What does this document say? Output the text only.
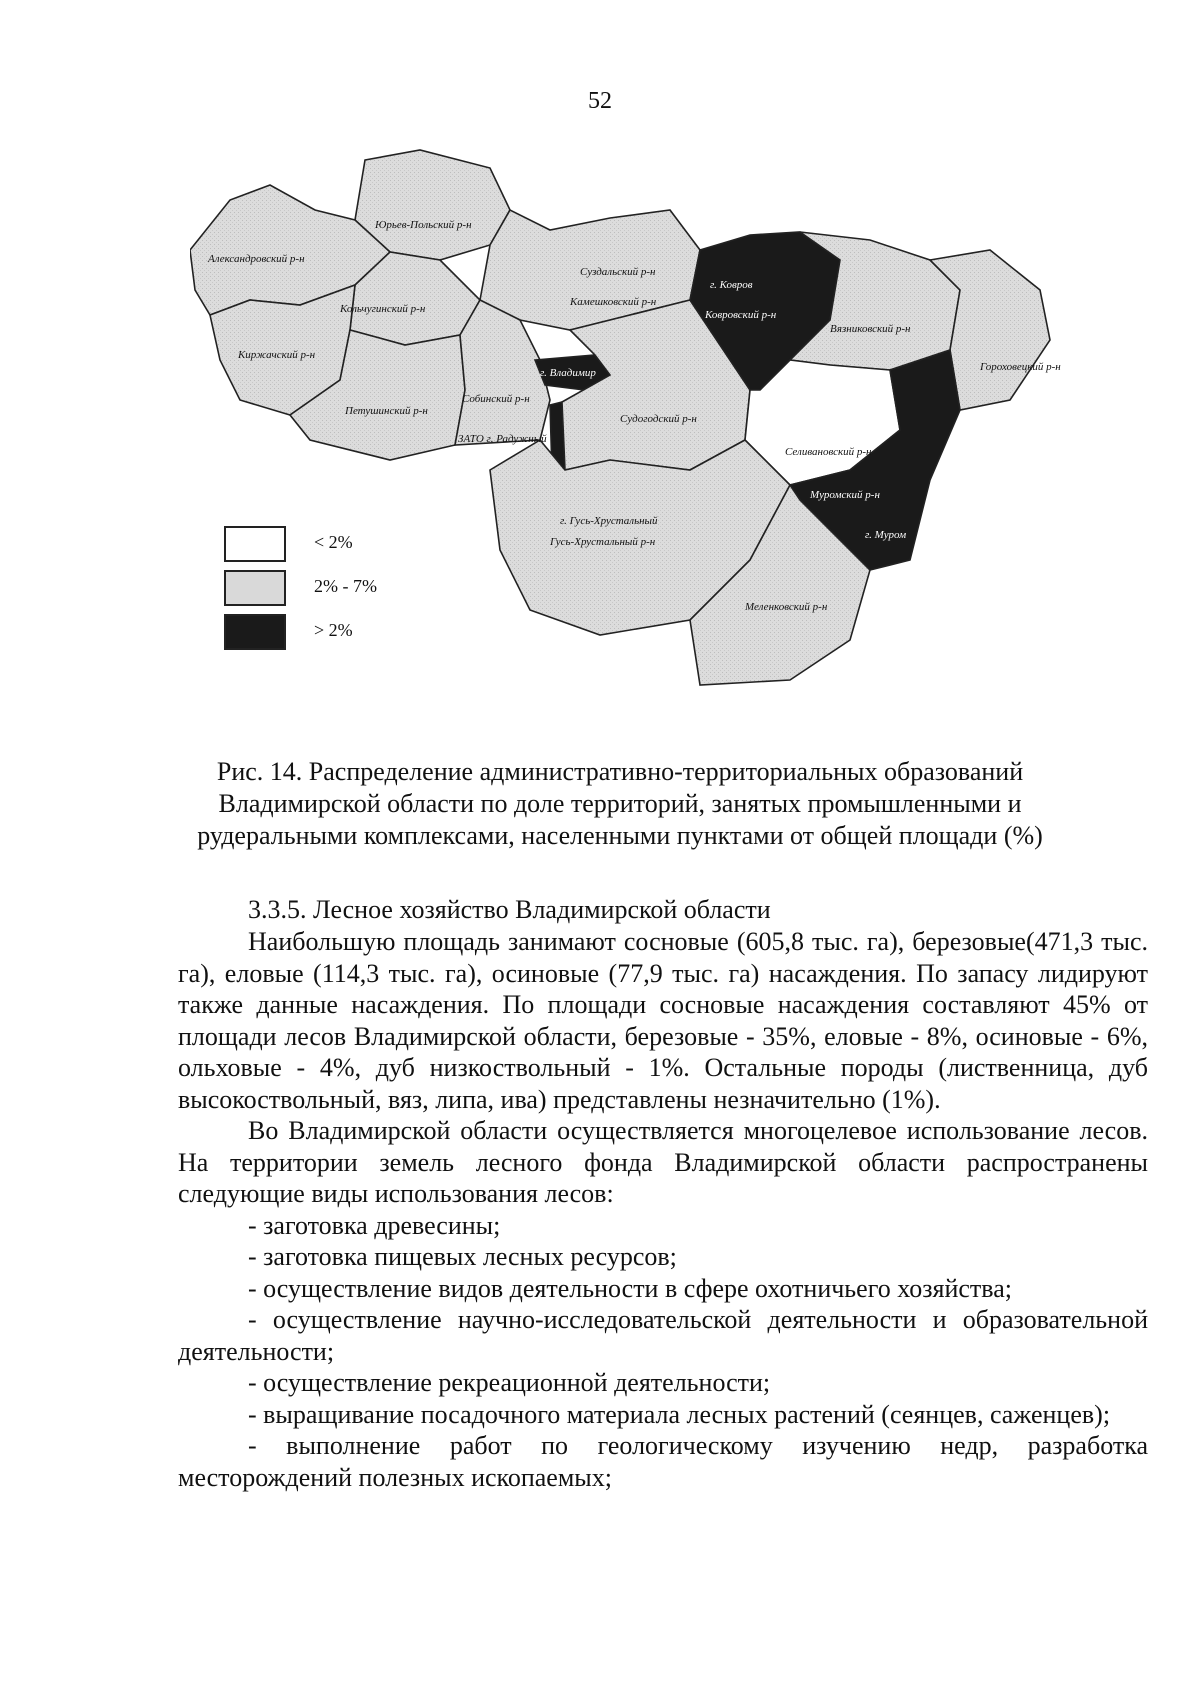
52
Юрьев-Польский р-н
Александровский р-н
Кольчугинский р-н
Киржачский р-н
Суздальский р-н
Камешковский р-н
г. Ковров
Ковровский р-н
Вязниковский р-н
Гороховецкий р-н
г. Владимир
Собинский р-н
Петушинский р-н
ЗАТО г. Радужный
Судогодский р-н
Селивановский р-н
Муромский р-н
г. Гусь-Хрустальный
Гусь-Хрустальный р-н
г. Муром
Меленковский р-н
< 2%
2% - 7%
> 2%
Рис. 14. Распределение административно-территориальных образований Владимирской области по доле территорий, занятых промышленными и рудеральными комплексами, населенными пунктами от общей площади (%)
3.3.5. Лесное хозяйство Владимирской области

Наибольшую площадь занимают сосновые (605,8 тыс. га), березовые(471,3 тыс. га), еловые (114,3 тыс. га), осиновые (77,9 тыс. га) насаждения. По запасу лидируют также данные насаждения. По площади сосновые насаждения составляют 45% от площади лесов Владимирской области, березовые - 35%, еловые - 8%, осиновые - 6%, ольховые - 4%, дуб низкоствольный - 1%. Остальные породы (лиственница, дуб высокоствольный, вяз, липа, ива) представлены незначительно (1%).

Во Владимирской области осуществляется многоцелевое использование лесов. На территории земель лесного фонда Владимирской области распространены следующие виды использования лесов:

- заготовка древесины;

- заготовка пищевых лесных ресурсов;

- осуществление видов деятельности в сфере охотничьего хозяйства;

- осуществление научно-исследовательской деятельности и образовательной деятельности;

- осуществление рекреационной деятельности;

- выращивание посадочного материала лесных растений (сеянцев, саженцев);

- выполнение работ по геологическому изучению недр, разработка месторождений полезных ископаемых;
